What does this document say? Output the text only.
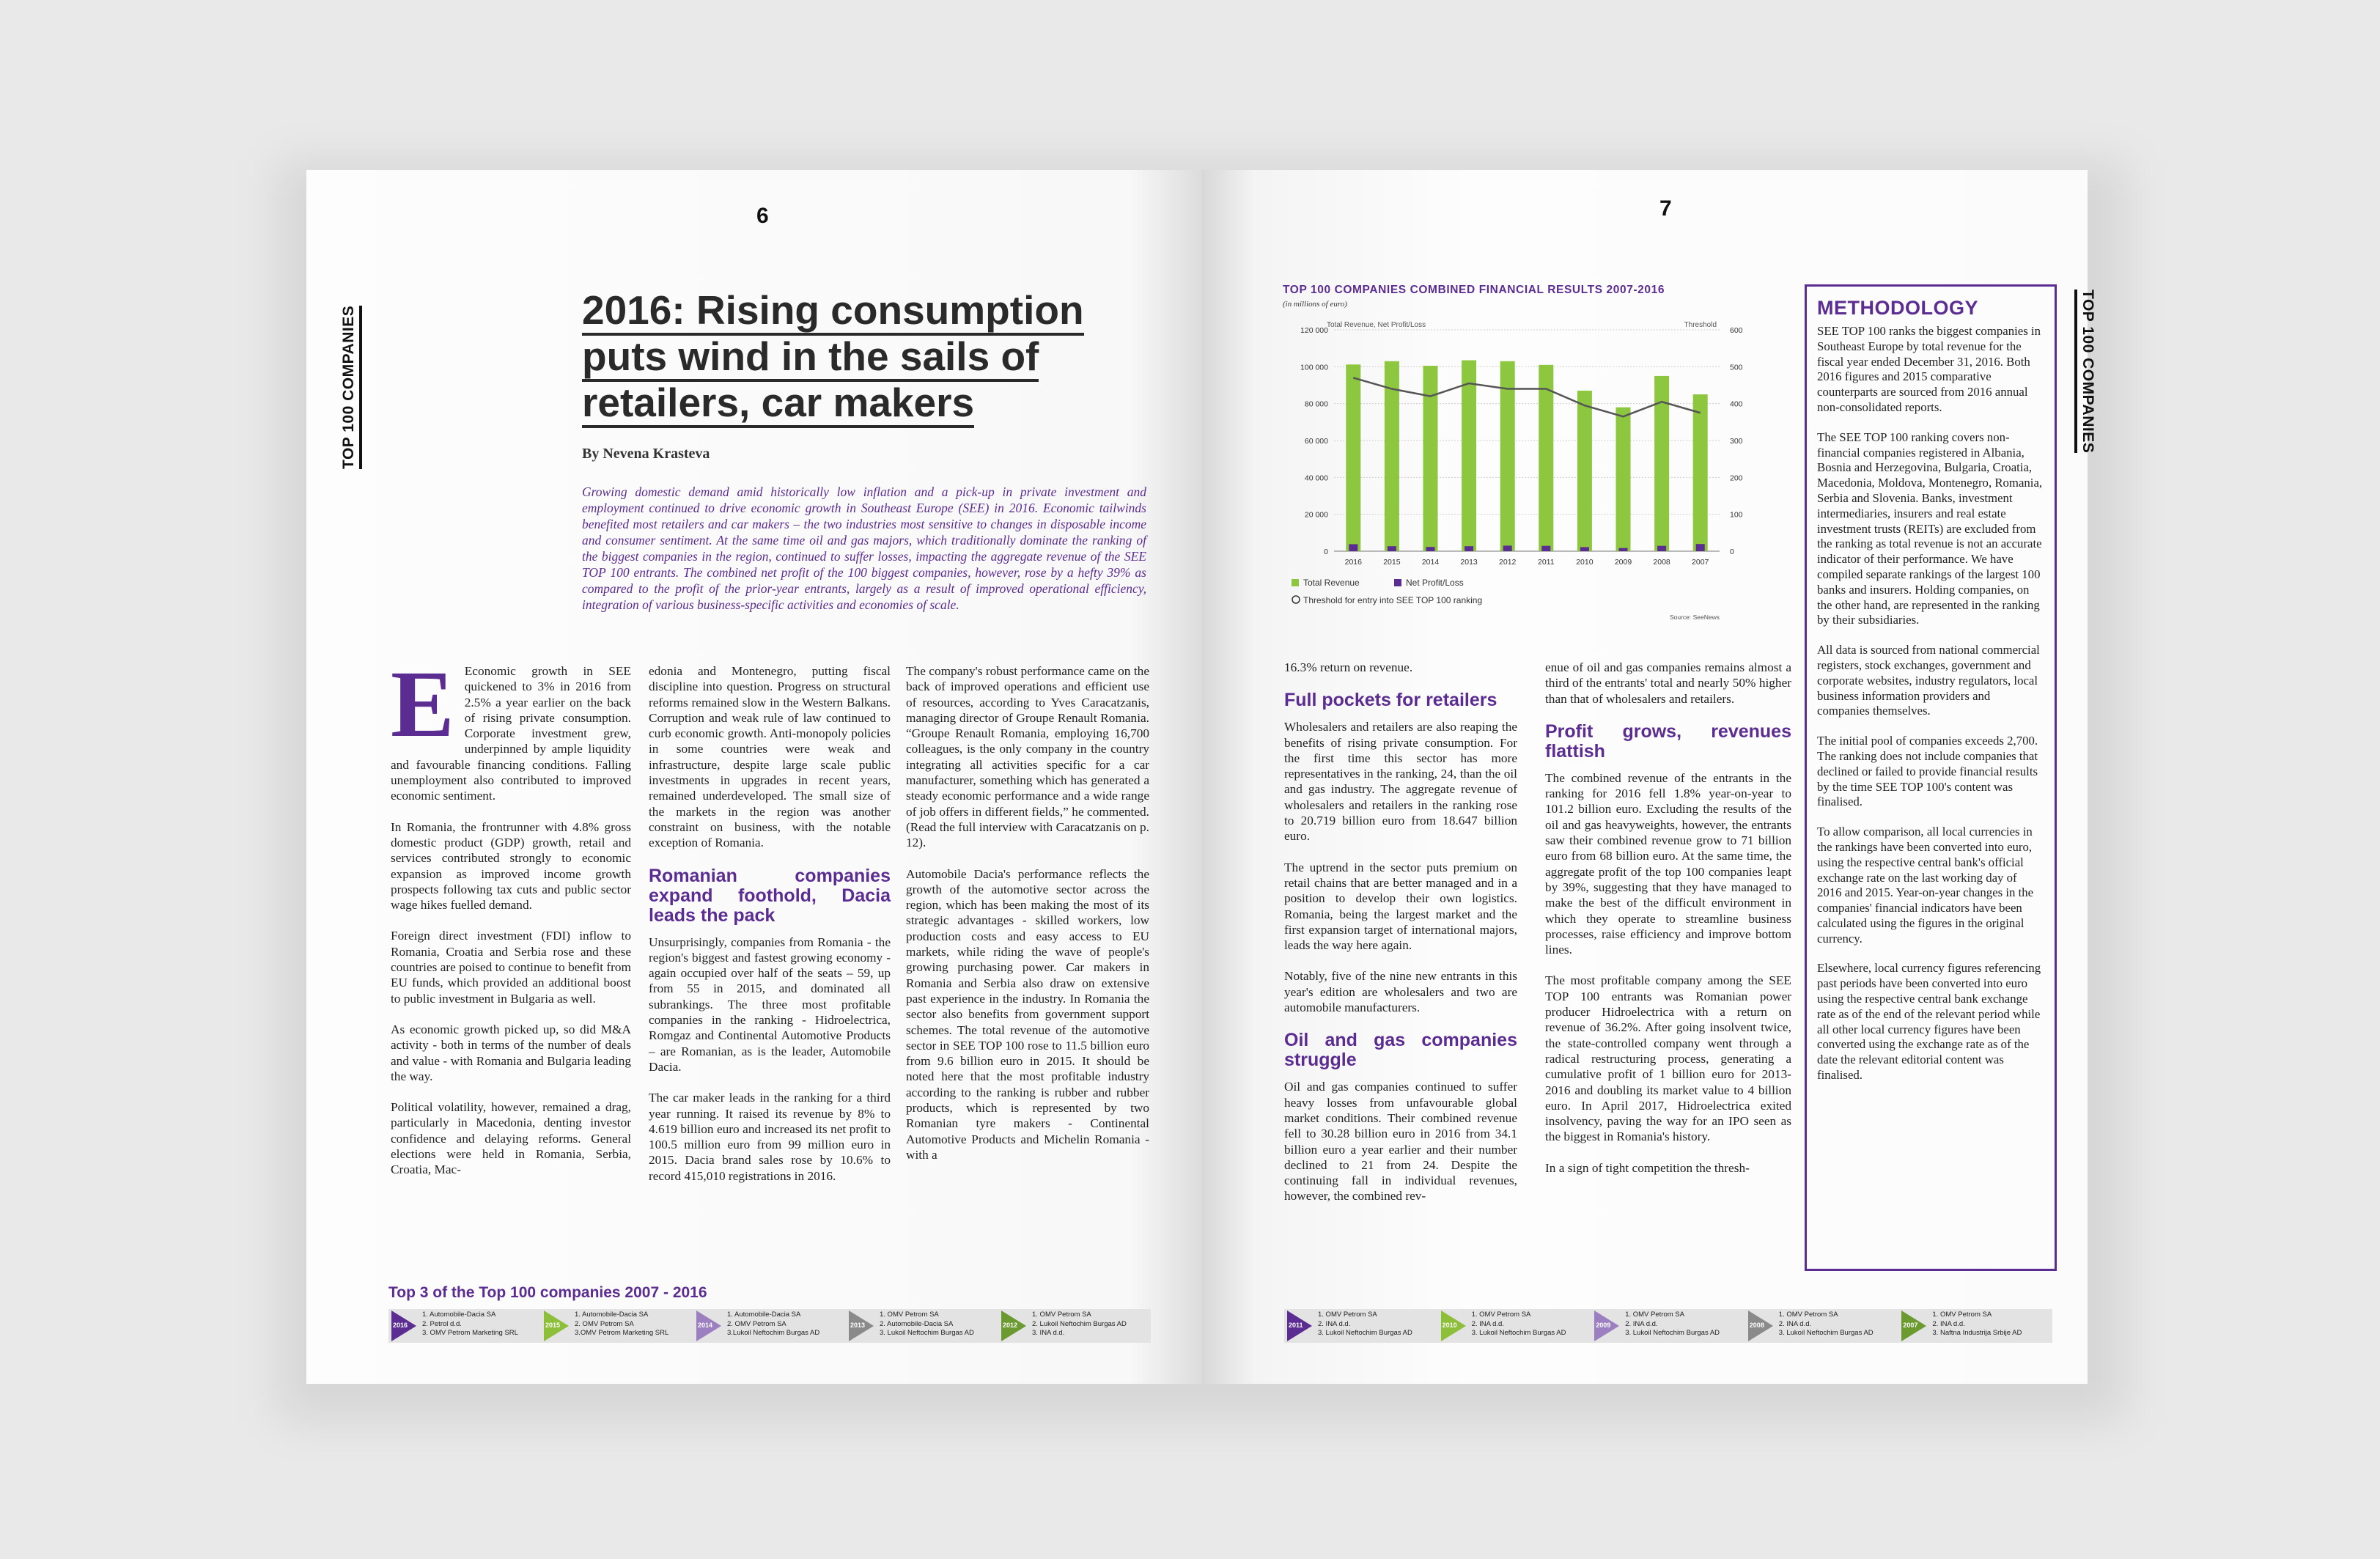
6
TOP 100 COMPANIES	2016: Rising consumption
puts wind in the sails of
retailers, car makers
By Nevena Krasteva
Growing domestic demand amid historically low inflation and a pick-up in private investment and employment continued to drive economic growth in Southeast Europe (SEE) in 2016. Economic tailwinds benefited most retailers and car makers – the two industries most sensitive to changes in disposable income and consumer sentiment. At the same time oil and gas majors, which traditionally dominate the ranking of the biggest companies in the region, continued to suffer losses, impacting the aggregate revenue of the SEE TOP 100 entrants. The combined net profit of the 100 biggest companies, however, rose by a hefty 39% as compared to the profit of the prior-year entrants, largely as a result of improved operational efficiency, integration of various business-specific activities and economies of scale.
E Economic growth in SEE quickened to 3% in 2016 from 2.5% a year earlier on the back of rising private consumption. Corporate investment grew, underpinned by ample liquidity and favourable financing conditions. Falling unemployment also contributed to improved economic sentiment.

In Romania, the frontrunner with 4.8% gross domestic product (GDP) growth, retail and services contributed strongly to economic expansion as improved income growth prospects following tax cuts and public sector wage hikes fuelled demand.

Foreign direct investment (FDI) inflow to Romania, Croatia and Serbia rose and these countries are poised to continue to benefit from EU funds, which provided an additional boost to public investment in Bulgaria as well.

As economic growth picked up, so did M&A activity - both in terms of the number of deals and value - with Romania and Bulgaria leading the way.

Political volatility, however, remained a drag, particularly in Macedonia, denting investor confidence and delaying reforms. General elections were held in Romania, Serbia, Croatia, Mac-

edonia and Montenegro, putting fiscal discipline into question. Progress on structural reforms remained slow in the Western Balkans. Corruption and weak rule of law continued to curb economic growth. Anti-monopoly policies in some countries were weak and infrastructure, despite large scale public investments in upgrades in recent years, remained underdeveloped. The small size of the markets in the region was another constraint on business, with the notable exception of Romania.

Romanian companies expand foothold, Dacia leads the pack

Unsurprisingly, companies from Romania - the region's biggest and fastest growing economy - again occupied over half of the seats – 59, up from 55 in 2015, and dominated all subrankings. The three most profitable companies in the ranking - Hidroelectrica, Romgaz and Continental Automotive Products – are Romanian, as is the leader, Automobile Dacia.

The car maker leads in the ranking for a third year running. It raised its revenue by 8% to 4.619 billion euro and increased its net profit to 100.5 million euro from 99 million euro in 2015. Dacia brand sales rose by 10.6% to record 415,010 registrations in 2016.

The company's robust performance came on the back of improved operations and efficient use of resources, according to Yves Caracatzanis, managing director of Groupe Renault Romania. “Groupe Renault Romania, employing 16,700 colleagues, is the only company in the country integrating all activities specific for a car manufacturer, something which has generated a steady economic performance and a wide range of job offers in different fields,” he commented. (Read the full interview with Caracatzanis on p. 12).

Automobile Dacia's performance reflects the growth of the automotive sector across the region, which has been making the most of its strategic advantages - skilled workers, low production costs and easy access to EU markets, while riding the wave of people's growing purchasing power. Car makers in Romania and Serbia also draw on extensive past experience in the industry. In Romania the sector also benefits from government support schemes. The total revenue of the automotive sector in SEE TOP 100 rose to 11.5 billion euro from 9.6 billion euro in 2015. It should be noted here that the most profitable industry according to the ranking is rubber and rubber products, which is represented by two Romanian tyre makers - Continental Automotive Products and Michelin Romania - with a

Top 3 of the Top 100 companies 2007 - 2016
2016
1. Automobile-Dacia SA
2. Petrol d.d.
3. OMV Petrom Marketing SRL
2015
1. Automobile-Dacia SA
2. OMV Petrom SA
3.OMV Petrom Marketing SRL
2014
1. Automobile-Dacia SA
2. OMV Petrom SA
3.Lukoil Neftochim Burgas AD
2013
1. OMV Petrom SA
2. Automobile-Dacia SA
3. Lukoil Neftochim Burgas AD
2012
1. OMV Petrom SA
2. Lukoil Neftochim Burgas AD
3. INA d.d.
7
TOP 100 COMPANIES
TOP 100 COMPANIES COMBINED FINANCIAL RESULTS 2007-2016
(in millions of euro)
Total Revenue, Net Profit/Loss	Threshold
0	0
20 000	100
40 000	200
60 000	300
80 000	400
100 000	500
120 000	600
2016	2015	2014	2013	2012	2011	2010	2009	2008	2007
Total Revenue	Net Profit/Loss
Threshold for entry into SEE TOP 100 ranking
Source: SeeNews

16.3% return on revenue.

Full pockets for retailers

Wholesalers and retailers are also reaping the benefits of rising private consumption. For the first time this sector has more representatives in the ranking, 24, than the oil and gas industry. The aggregate revenue of wholesalers and retailers in the ranking rose to 20.719 billion euro from 18.647 billion euro.

The uptrend in the sector puts premium on retail chains that are better managed and in a position to develop their own logistics. Romania, being the largest market and the first expansion target of international majors, leads the way here again.

Notably, five of the nine new entrants in this year's edition are wholesalers and two are automobile manufacturers.

Oil and gas companies struggle

Oil and gas companies continued to suffer heavy losses from unfavourable global market conditions. Their combined revenue fell to 30.28 billion euro in 2016 from 34.1 billion euro a year earlier and their number declined to 21 from 24. Despite the continuing fall in individual revenues, however, the combined rev-

enue of oil and gas companies remains almost a third of the entrants' total and nearly 50% higher than that of wholesalers and retailers.

Profit grows, revenues flattish

The combined revenue of the entrants in the ranking for 2016 fell 1.8% year-on-year to 101.2 billion euro. Excluding the results of the oil and gas heavyweights, however, the entrants saw their combined revenue grow to 71 billion euro from 68 billion euro. At the same time, the aggregate profit of the top 100 companies leapt by 39%, suggesting that they have managed to make the best of the difficult environment in which they operate to streamline business processes, raise efficiency and improve bottom lines.

The most profitable company among the SEE TOP 100 entrants was Romanian power producer Hidroelectrica with a return on revenue of 36.2%. After going insolvent twice, the state-controlled company went through a radical restructuring process, generating a cumulative profit of 1 billion euro for 2013-2016 and doubling its market value to 4 billion euro. In April 2017, Hidroelectrica exited insolvency, paving the way for an IPO seen as the biggest in Romania's history.

In a sign of tight competition the thresh-

METHODOLOGY

SEE TOP 100 ranks the biggest companies in Southeast Europe by total revenue for the fiscal year ended December 31, 2016. Both 2016 figures and 2015 comparative counterparts are sourced from 2016 annual non-consolidated reports.

The SEE TOP 100 ranking covers non-financial companies registered in Albania, Bosnia and Herzegovina, Bulgaria, Croatia, Macedonia, Moldova, Montenegro, Romania, Serbia and Slovenia. Banks, investment intermediaries, insurers and real estate investment trusts (REITs) are excluded from the ranking as total revenue is not an accurate indicator of their performance. We have compiled separate rankings of the largest 100 banks and insurers. Holding companies, on the other hand, are represented in the ranking by their subsidiaries.

All data is sourced from national commercial registers, stock exchanges, government and corporate websites, industry regulators, local business information providers and companies themselves.

The initial pool of companies exceeds 2,700. The ranking does not include companies that declined or failed to provide financial results by the time SEE TOP 100's content was finalised.

To allow comparison, all local currencies in the rankings have been converted into euro, using the respective central bank's official exchange rate on the last working day of 2016 and 2015. Year-on-year changes in the companies' financial indicators have been calculated using the figures in the original currency.

Elsewhere, local currency figures referencing past periods have been converted into euro using the respective central bank exchange rate as of the end of the relevant period while all other local currency figures have been converted using the exchange rate as of the date the relevant editorial content was finalised.

2011
1. OMV Petrom SA
2. INA d.d.
3. Lukoil Neftochim Burgas AD
2010
1. OMV Petrom SA
2. INA d.d.
3. Lukoil Neftochim Burgas AD
2009
1. OMV Petrom SA
2. INA d.d.
3. Lukoil Neftochim Burgas AD
2008
1. OMV Petrom SA
2. INA d.d.
3. Lukoil Neftochim Burgas AD
2007
1. OMV Petrom SA
2. INA d.d.
3. Naftna Industrija Srbije AD
